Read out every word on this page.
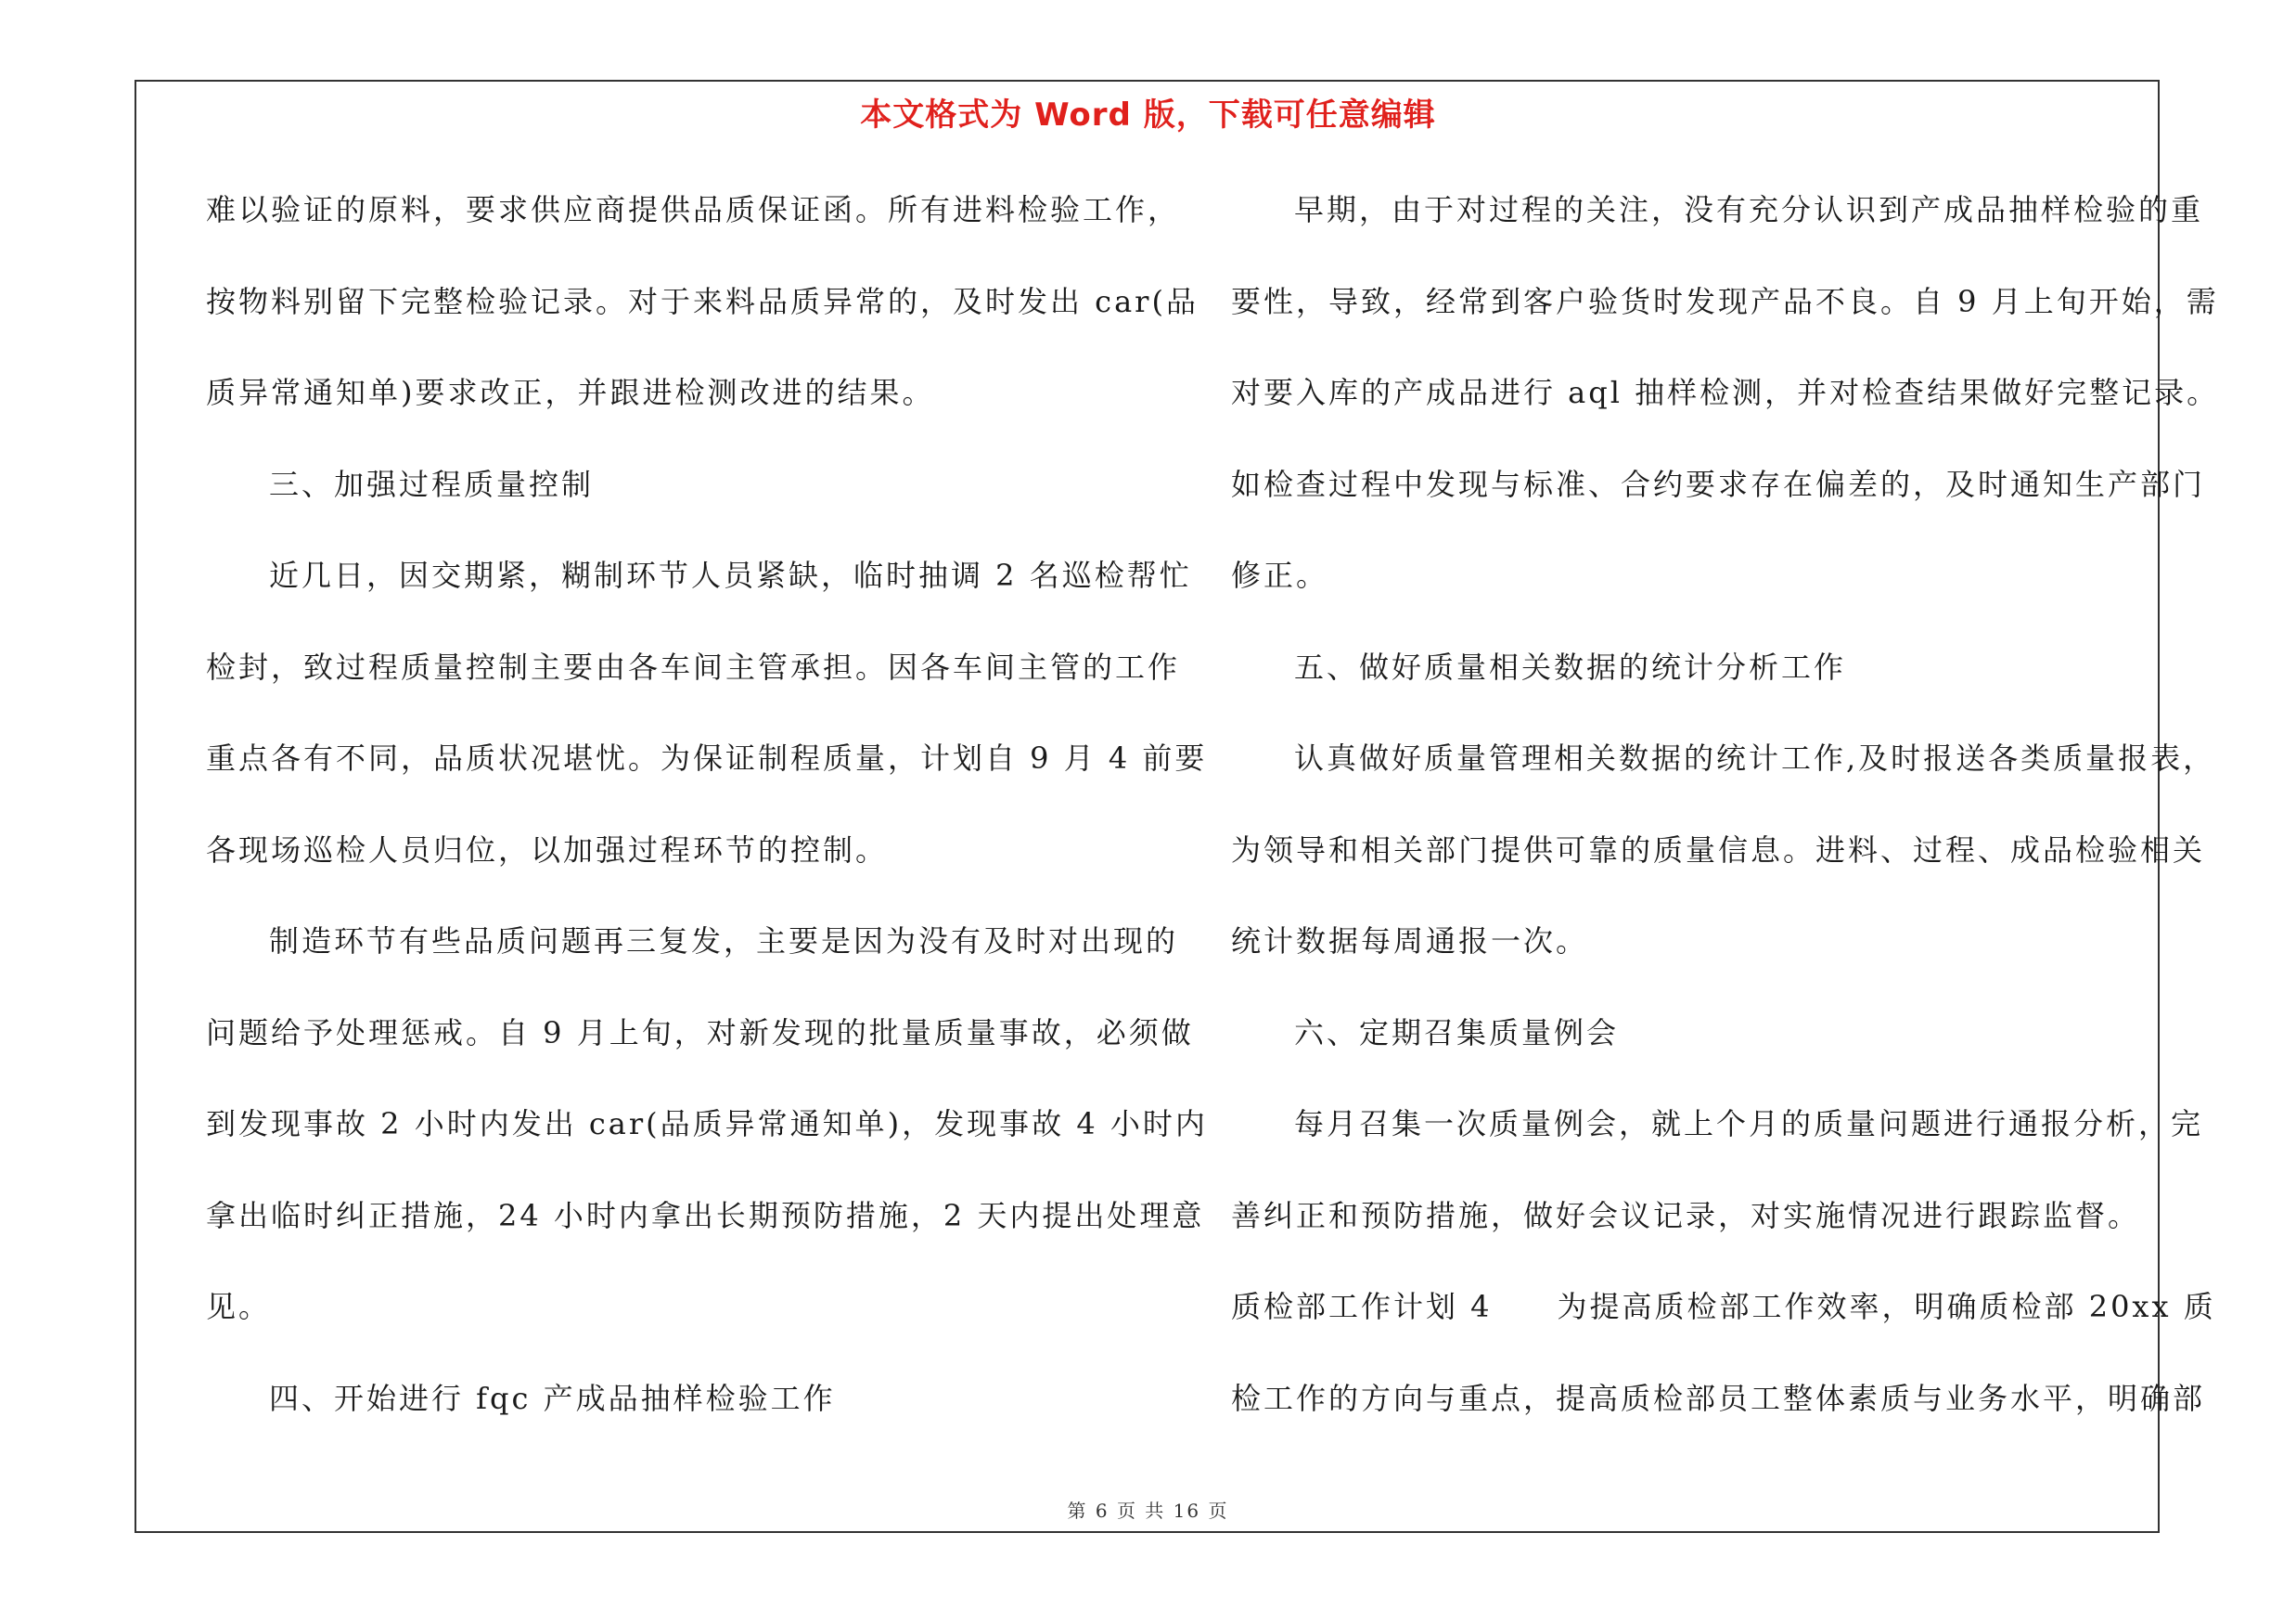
本文格式为 Word 版，下载可任意编辑
难以验证的原料，要求供应商提供品质保证函。所有进料检验工作，
按物料别留下完整检验记录。对于来料品质异常的，及时发出 car(品
质异常通知单)要求改正，并跟进检测改进的结果。
三、加强过程质量控制
近几日，因交期紧，糊制环节人员紧缺，临时抽调 2 名巡检帮忙
检封，致过程质量控制主要由各车间主管承担。因各车间主管的工作
重点各有不同，品质状况堪忧。为保证制程质量，计划自 9 月 4 前要
各现场巡检人员归位，以加强过程环节的控制。
制造环节有些品质问题再三复发，主要是因为没有及时对出现的
问题给予处理惩戒。自 9 月上旬，对新发现的批量质量事故，必须做
到发现事故 2 小时内发出 car(品质异常通知单)，发现事故 4 小时内
拿出临时纠正措施，24 小时内拿出长期预防措施，2 天内提出处理意
见。
四、开始进行 fqc 产成品抽样检验工作
早期，由于对过程的关注，没有充分认识到产成品抽样检验的重
要性，导致，经常到客户验货时发现产品不良。自 9 月上旬开始，需
对要入库的产成品进行 aql 抽样检测，并对检查结果做好完整记录。
如检查过程中发现与标准、合约要求存在偏差的，及时通知生产部门
修正。
五、做好质量相关数据的统计分析工作
认真做好质量管理相关数据的统计工作,及时报送各类质量报表，
为领导和相关部门提供可靠的质量信息。进料、过程、成品检验相关
统计数据每周通报一次。
六、定期召集质量例会
每月召集一次质量例会，就上个月的质量问题进行通报分析，完
善纠正和预防措施，做好会议记录，对实施情况进行跟踪监督。
质检部工作计划 4　　为提高质检部工作效率，明确质检部 20xx 质
检工作的方向与重点，提高质检部员工整体素质与业务水平，明确部
第 6 页 共 16 页
